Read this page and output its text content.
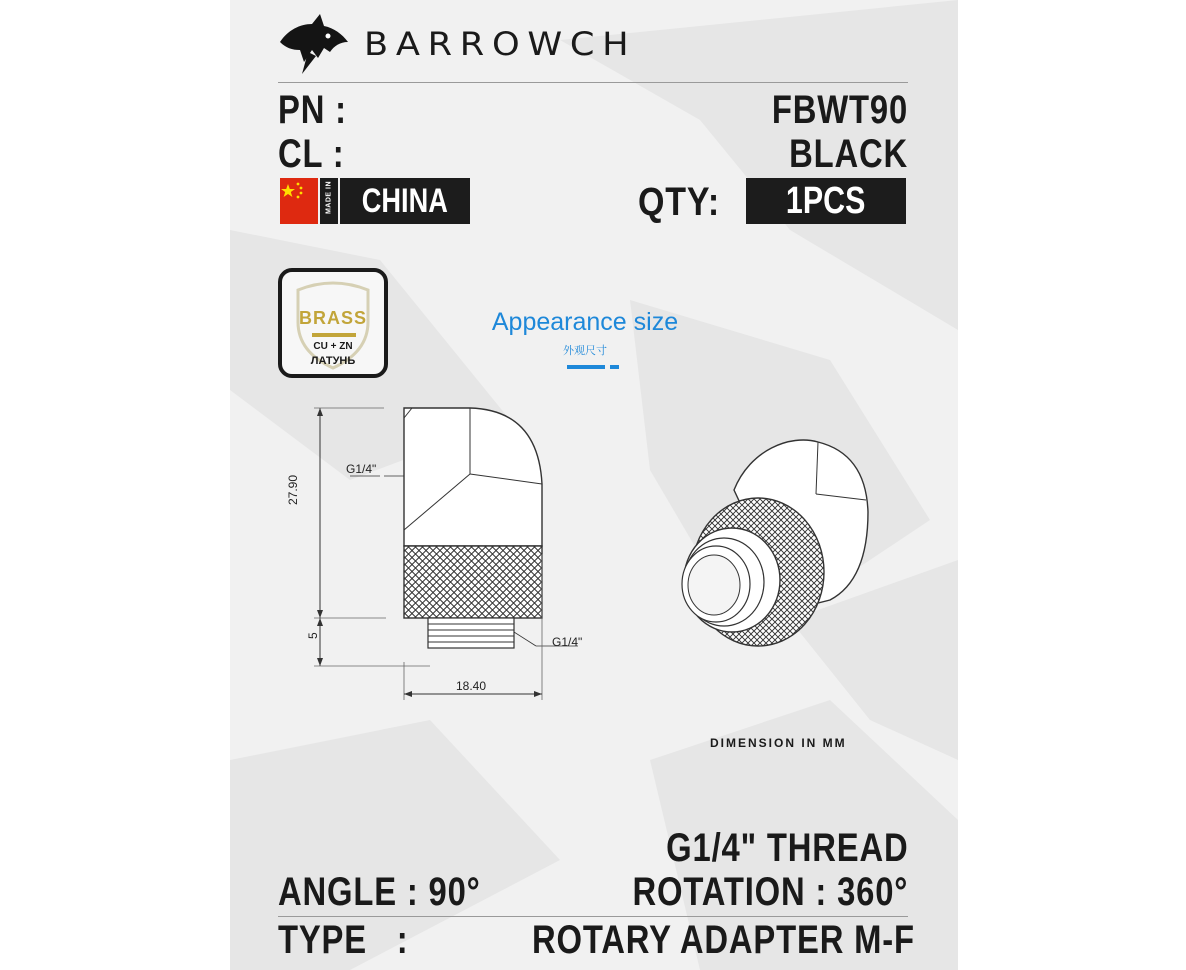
BARROWCH
PN :	FBWT90
CL :	BLACK
MADE IN CHINA	QTY:	1PCS
BRASS
CU + ZN
ЛАТУНЬ
Appearance size
外观尺寸
G1/4"
G1/4"
27.90
5
18.40
DIMENSION IN MM
G1/4" THREAD
ANGLE : 90°	ROTATION : 360°
TYPE   :	ROTARY ADAPTER M-F
